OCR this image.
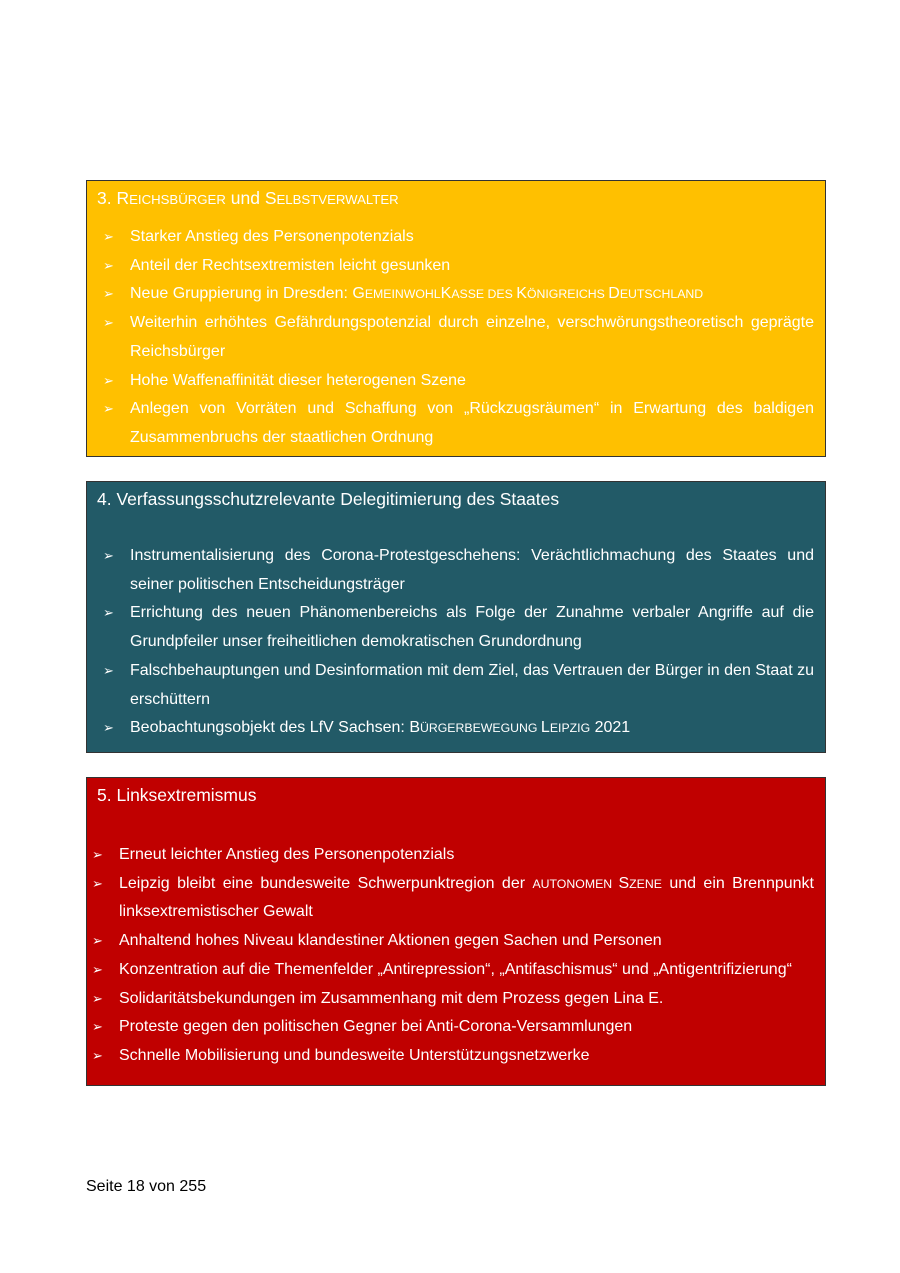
3. REICHSBÜRGER und SELBSTVERWALTER
➢ Starker Anstieg des Personenpotenzials
➢ Anteil der Rechtsextremisten leicht gesunken
➢ Neue Gruppierung in Dresden: GEMEINWOHLKASSE DES KÖNIGREICHS DEUTSCHLAND
➢ Weiterhin erhöhtes Gefährdungspotenzial durch einzelne, verschwörungstheoretisch geprägte Reichsbürger
➢ Hohe Waffenaffinität dieser heterogenen Szene
➢ Anlegen von Vorräten und Schaffung von „Rückzugsräumen“ in Erwartung des baldigen Zusammenbruchs der staatlichen Ordnung
4. Verfassungsschutzrelevante Delegitimierung des Staates
➢ Instrumentalisierung des Corona-Protestgeschehens: Verächtlichmachung des Staates und seiner politischen Entscheidungsträger
➢ Errichtung des neuen Phänomenbereichs als Folge der Zunahme verbaler Angriffe auf die Grundpfeiler unser freiheitlichen demokratischen Grundordnung
➢ Falschbehauptungen und Desinformation mit dem Ziel, das Vertrauen der Bürger in den Staat zu erschüttern
➢ Beobachtungsobjekt des LfV Sachsen: BÜRGERBEWEGUNG LEIPZIG 2021
5. Linksextremismus
➢ Erneut leichter Anstieg des Personenpotenzials
➢ Leipzig bleibt eine bundesweite Schwerpunktregion der AUTONOMEN SZENE und ein Brennpunkt linksextremistischer Gewalt
➢ Anhaltend hohes Niveau klandestiner Aktionen gegen Sachen und Personen
➢ Konzentration auf die Themenfelder „Antirepression“, „Antifaschismus“ und „Antigentrifizierung“
➢ Solidaritätsbekundungen im Zusammenhang mit dem Prozess gegen Lina E.
➢ Proteste gegen den politischen Gegner bei Anti-Corona-Versammlungen
➢ Schnelle Mobilisierung und bundesweite Unterstützungsnetzwerke
Seite 18 von 255
